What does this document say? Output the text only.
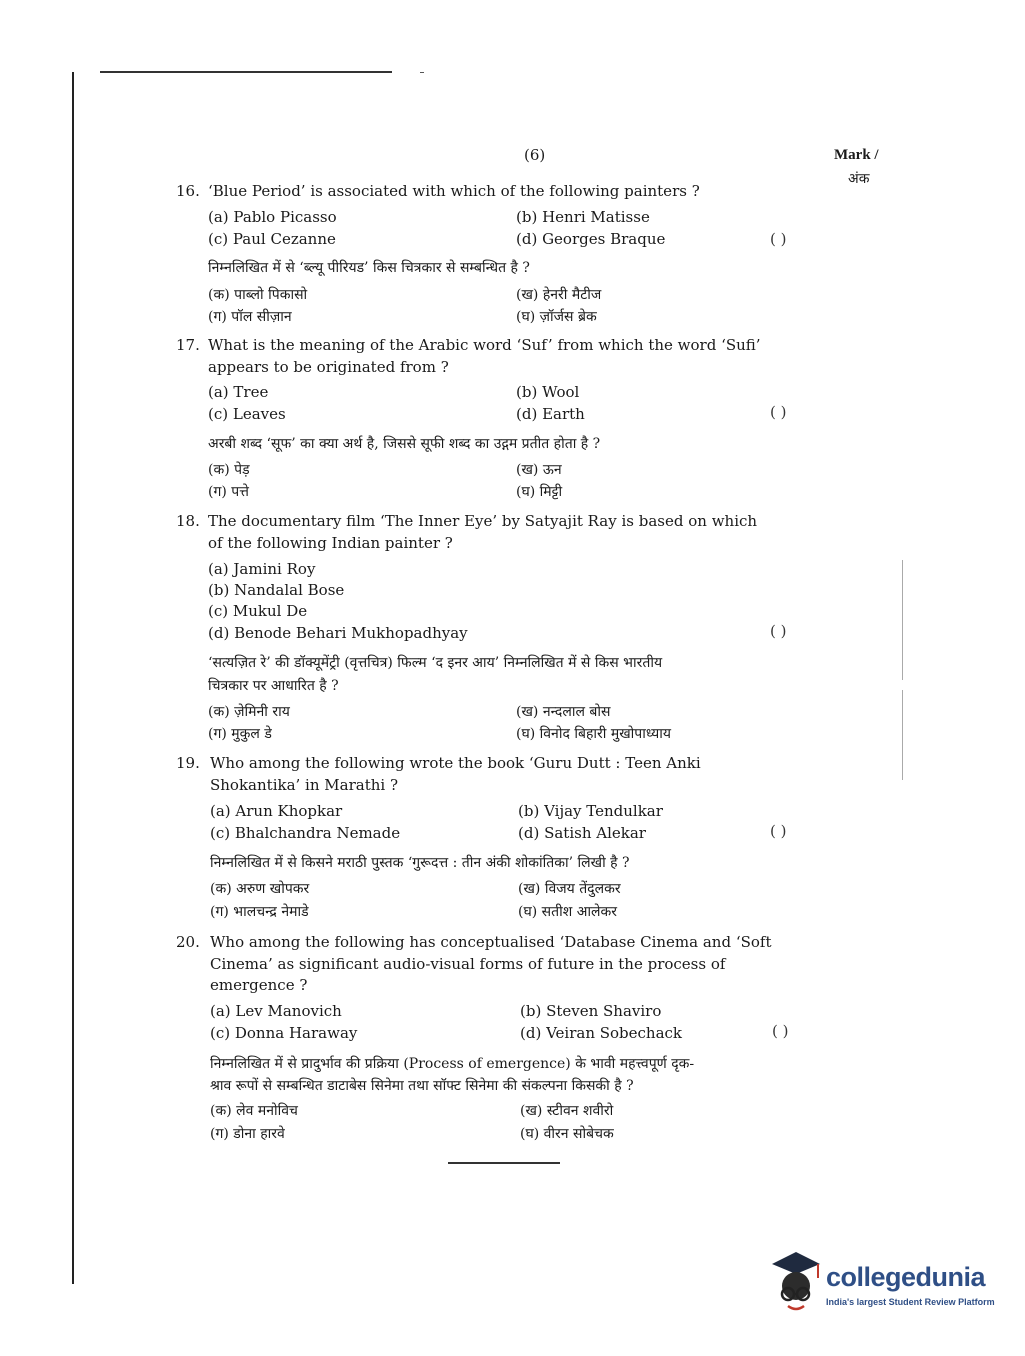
(6)	Mark /
अंक
16. ‘Blue Period’ is associated with which of the following painters ?
(a) Pablo Picasso	(b) Henri Matisse
(c) Paul Cezanne	(d) Georges Braque	( )
निम्नलिखित में से ‘ब्ल्यू पीरियड’ किस चित्रकार से सम्बन्धित है ?
(क) पाब्लो पिकासो	(ख) हेनरी मैटीज
(ग) पॉल सीज़ान	(घ) ज़ॉर्जस ब्रेक
17. What is the meaning of the Arabic word ‘Suf’ from which the word ‘Sufi’
appears to be originated from ?
(a) Tree	(b) Wool
(c) Leaves	(d) Earth	( )
अरबी शब्द ‘सूफ’ का क्या अर्थ है, जिससे सूफी शब्द का उद्गम प्रतीत होता है ?
(क) पेड़	(ख) ऊन
(ग) पत्ते	(घ) मिट्टी
18. The documentary film ‘The Inner Eye’ by Satyajit Ray is based on which
of the following Indian painter ?
(a) Jamini Roy
(b) Nandalal Bose
(c) Mukul De
(d) Benode Behari Mukhopadhyay	( )
‘सत्यज़ित रे’ की डॉक्यूमेंट्री (वृत्तचित्र) फिल्म ‘द इनर आय’ निम्नलिखित में से किस भारतीय
चित्रकार पर आधारित है ?
(क) ज़ेमिनी राय	(ख) नन्दलाल बोस
(ग) मुकुल डे	(घ) विनोद बिहारी मुखोपाध्याय
19. Who among the following wrote the book ‘Guru Dutt : Teen Anki
Shokantika’ in Marathi ?
(a) Arun Khopkar	(b) Vijay Tendulkar
(c) Bhalchandra Nemade	(d) Satish Alekar	( )
निम्नलिखित में से किसने मराठी पुस्तक ‘गुरूदत्त : तीन अंकी शोकांतिका’ लिखी है ?
(क) अरुण खोपकर	(ख) विजय तेंदुलकर
(ग) भालचन्द्र नेमाडे	(घ) सतीश आलेकर
20. Who among the following has conceptualised ‘Database Cinema and ‘Soft
Cinema’ as significant audio-visual forms of future in the process of
emergence ?
(a) Lev Manovich	(b) Steven Shaviro
(c) Donna Haraway	(d) Veiran Sobechack	( )
निम्नलिखित में से प्रादुर्भाव की प्रक्रिया (Process of emergence) के भावी महत्त्वपूर्ण दृक-
श्राव रूपों से सम्बन्धित डाटाबेस सिनेमा तथा सॉफ्ट सिनेमा की संकल्पना किसकी है ?
(क) लेव मनोविच	(ख) स्टीवन शवीरो
(ग) डोना हारवे	(घ) वीरन सोबेचक
collegedunia
India's largest Student Review Platform
